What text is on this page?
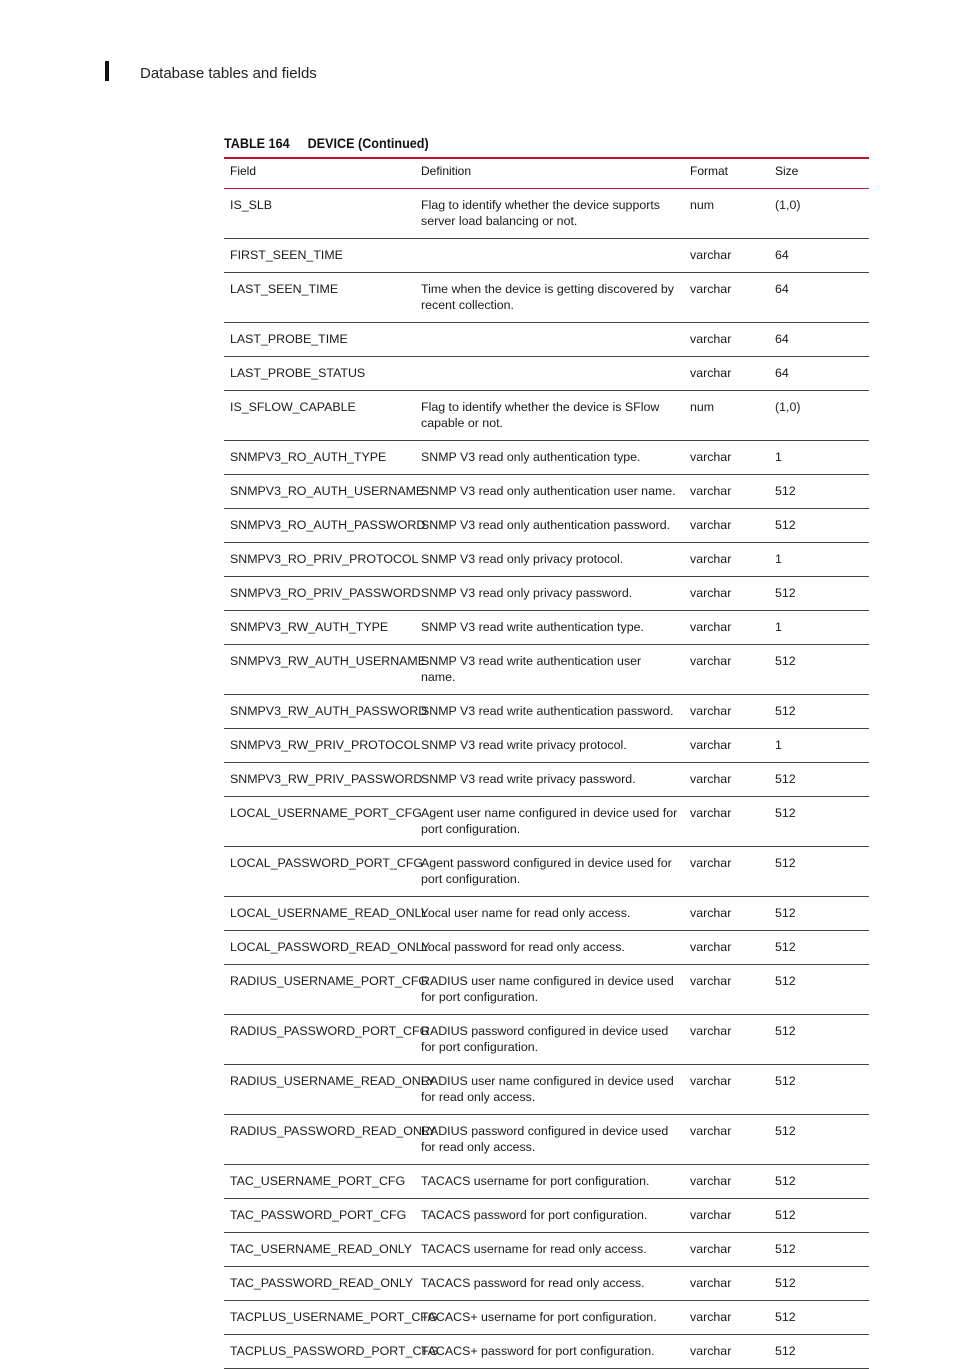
Database tables and fields
TABLE 164 DEVICE (Continued)
Field	Definition	Format	Size
IS_SLB	Flag to identify whether the device supports server load balancing or not.	num	(1,0)
FIRST_SEEN_TIME		varchar	64
LAST_SEEN_TIME	Time when the device is getting discovered by recent collection.	varchar	64
LAST_PROBE_TIME		varchar	64
LAST_PROBE_STATUS		varchar	64
IS_SFLOW_CAPABLE	Flag to identify whether the device is SFlow capable or not.	num	(1,0)
SNMPV3_RO_AUTH_TYPE	SNMP V3 read only authentication type.	varchar	1
SNMPV3_RO_AUTH_USERNAME	SNMP V3 read only authentication user name.	varchar	512
SNMPV3_RO_AUTH_PASSWORD	SNMP V3 read only authentication password.	varchar	512
SNMPV3_RO_PRIV_PROTOCOL	SNMP V3 read only privacy protocol.	varchar	1
SNMPV3_RO_PRIV_PASSWORD	SNMP V3 read only privacy password.	varchar	512
SNMPV3_RW_AUTH_TYPE	SNMP V3 read write authentication type.	varchar	1
SNMPV3_RW_AUTH_USERNAME	SNMP V3 read write authentication user name.	varchar	512
SNMPV3_RW_AUTH_PASSWORD	SNMP V3 read write authentication password.	varchar	512
SNMPV3_RW_PRIV_PROTOCOL	SNMP V3 read write privacy protocol.	varchar	1
SNMPV3_RW_PRIV_PASSWORD	SNMP V3 read write privacy password.	varchar	512
LOCAL_USERNAME_PORT_CFG	Agent user name configured in device used for port configuration.	varchar	512
LOCAL_PASSWORD_PORT_CFG	Agent password configured in device used for port configuration.	varchar	512
LOCAL_USERNAME_READ_ONLY	Local user name for read only access.	varchar	512
LOCAL_PASSWORD_READ_ONLY	Local password for read only access.	varchar	512
RADIUS_USERNAME_PORT_CFG	RADIUS user name configured in device used for port configuration.	varchar	512
RADIUS_PASSWORD_PORT_CFG	RADIUS password configured in device used for port configuration.	varchar	512
RADIUS_USERNAME_READ_ONLY	RADIUS user name configured in device used for read only access.	varchar	512
RADIUS_PASSWORD_READ_ONLY	RADIUS password configured in device used for read only access.	varchar	512
TAC_USERNAME_PORT_CFG	TACACS username for port configuration.	varchar	512
TAC_PASSWORD_PORT_CFG	TACACS password for port configuration.	varchar	512
TAC_USERNAME_READ_ONLY	TACACS username for read only access.	varchar	512
TAC_PASSWORD_READ_ONLY	TACACS password for read only access.	varchar	512
TACPLUS_USERNAME_PORT_CFG	TACACS+ username for port configuration.	varchar	512
TACPLUS_PASSWORD_PORT_CFG	TACACS+ password for port configuration.	varchar	512
